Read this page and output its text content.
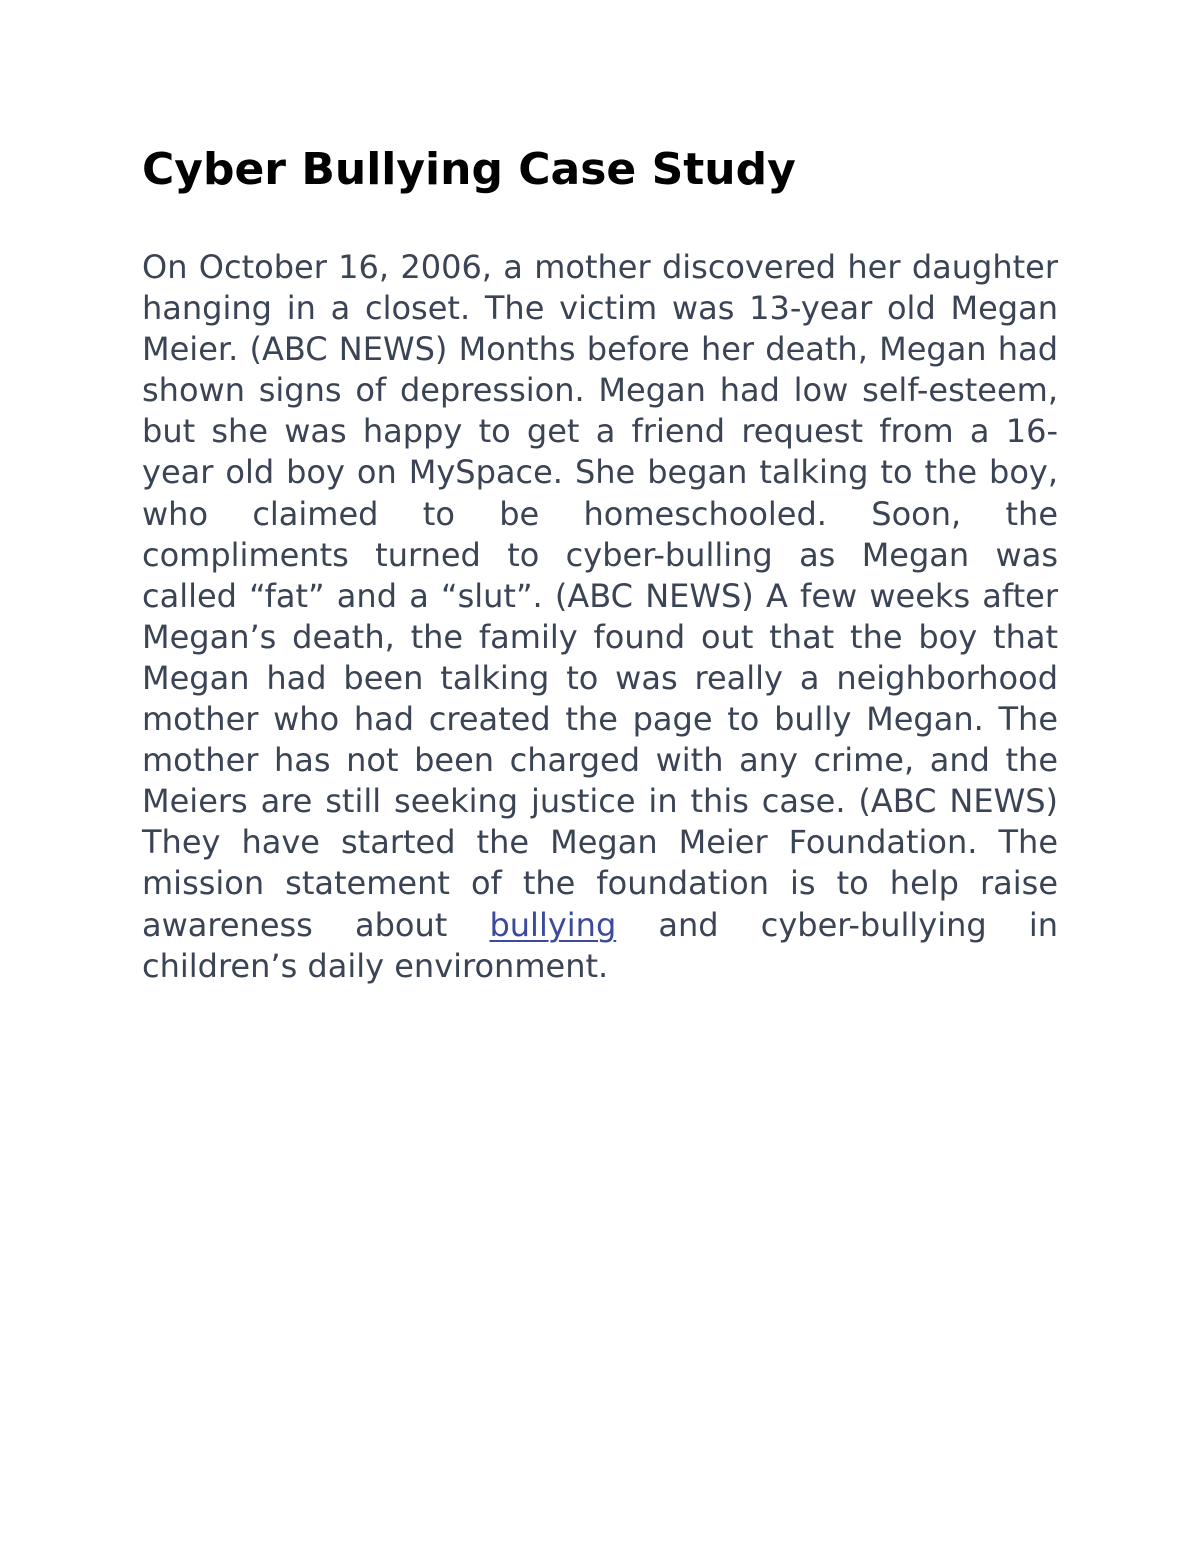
Cyber Bullying Case Study

On October 16, 2006, a mother discovered her daughter hanging in a closet. The victim was 13-year old Megan Meier. (ABC NEWS) Months before her death, Megan had shown signs of depression. Megan had low self-esteem, but she was happy to get a friend request from a 16-year old boy on MySpace. She began talking to the boy, who claimed to be homeschooled. Soon, the compliments turned to cyber-bulling as Megan was called “fat” and a “slut”. (ABC NEWS) A few weeks after Megan’s death, the family found out that the boy that Megan had been talking to was really a neighborhood mother who had created the page to bully Megan. The mother has not been charged with any crime, and the Meiers are still seeking justice in this case. (ABC NEWS) They have started the Megan Meier Foundation. The mission statement of the foundation is to help raise awareness about bullying and cyber-bullying in children’s daily environment.
